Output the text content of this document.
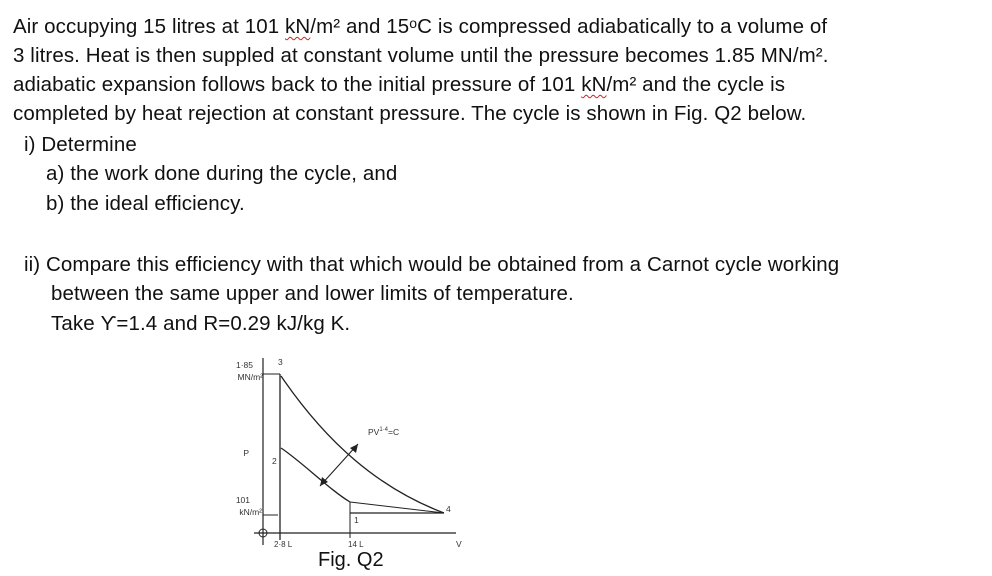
Air occupying 15 litres at 101 kN/m² and 15ᵒC is compressed adiabatically to a volume of
3 litres. Heat is then suppled at constant volume until the pressure becomes 1.85 MN/m².
adiabatic expansion follows back to the initial pressure of 101 kN/m² and the cycle is
completed by heat rejection at constant pressure. The cycle is shown in Fig. Q2 below.
i) Determine
a) the work done during the cycle, and
b) the ideal efficiency.
ii) Compare this efficiency with that which would be obtained from a Carnot cycle working
between the same upper and lower limits of temperature.
Take ϒ=1.4 and R=0.29 kJ/kg K.
1·85
MN/m²
3
P
2
$PV^{1\cdot 4}=C$
101
kN/m²	4
1
2·8 L	14 L	V
Fig. Q2
